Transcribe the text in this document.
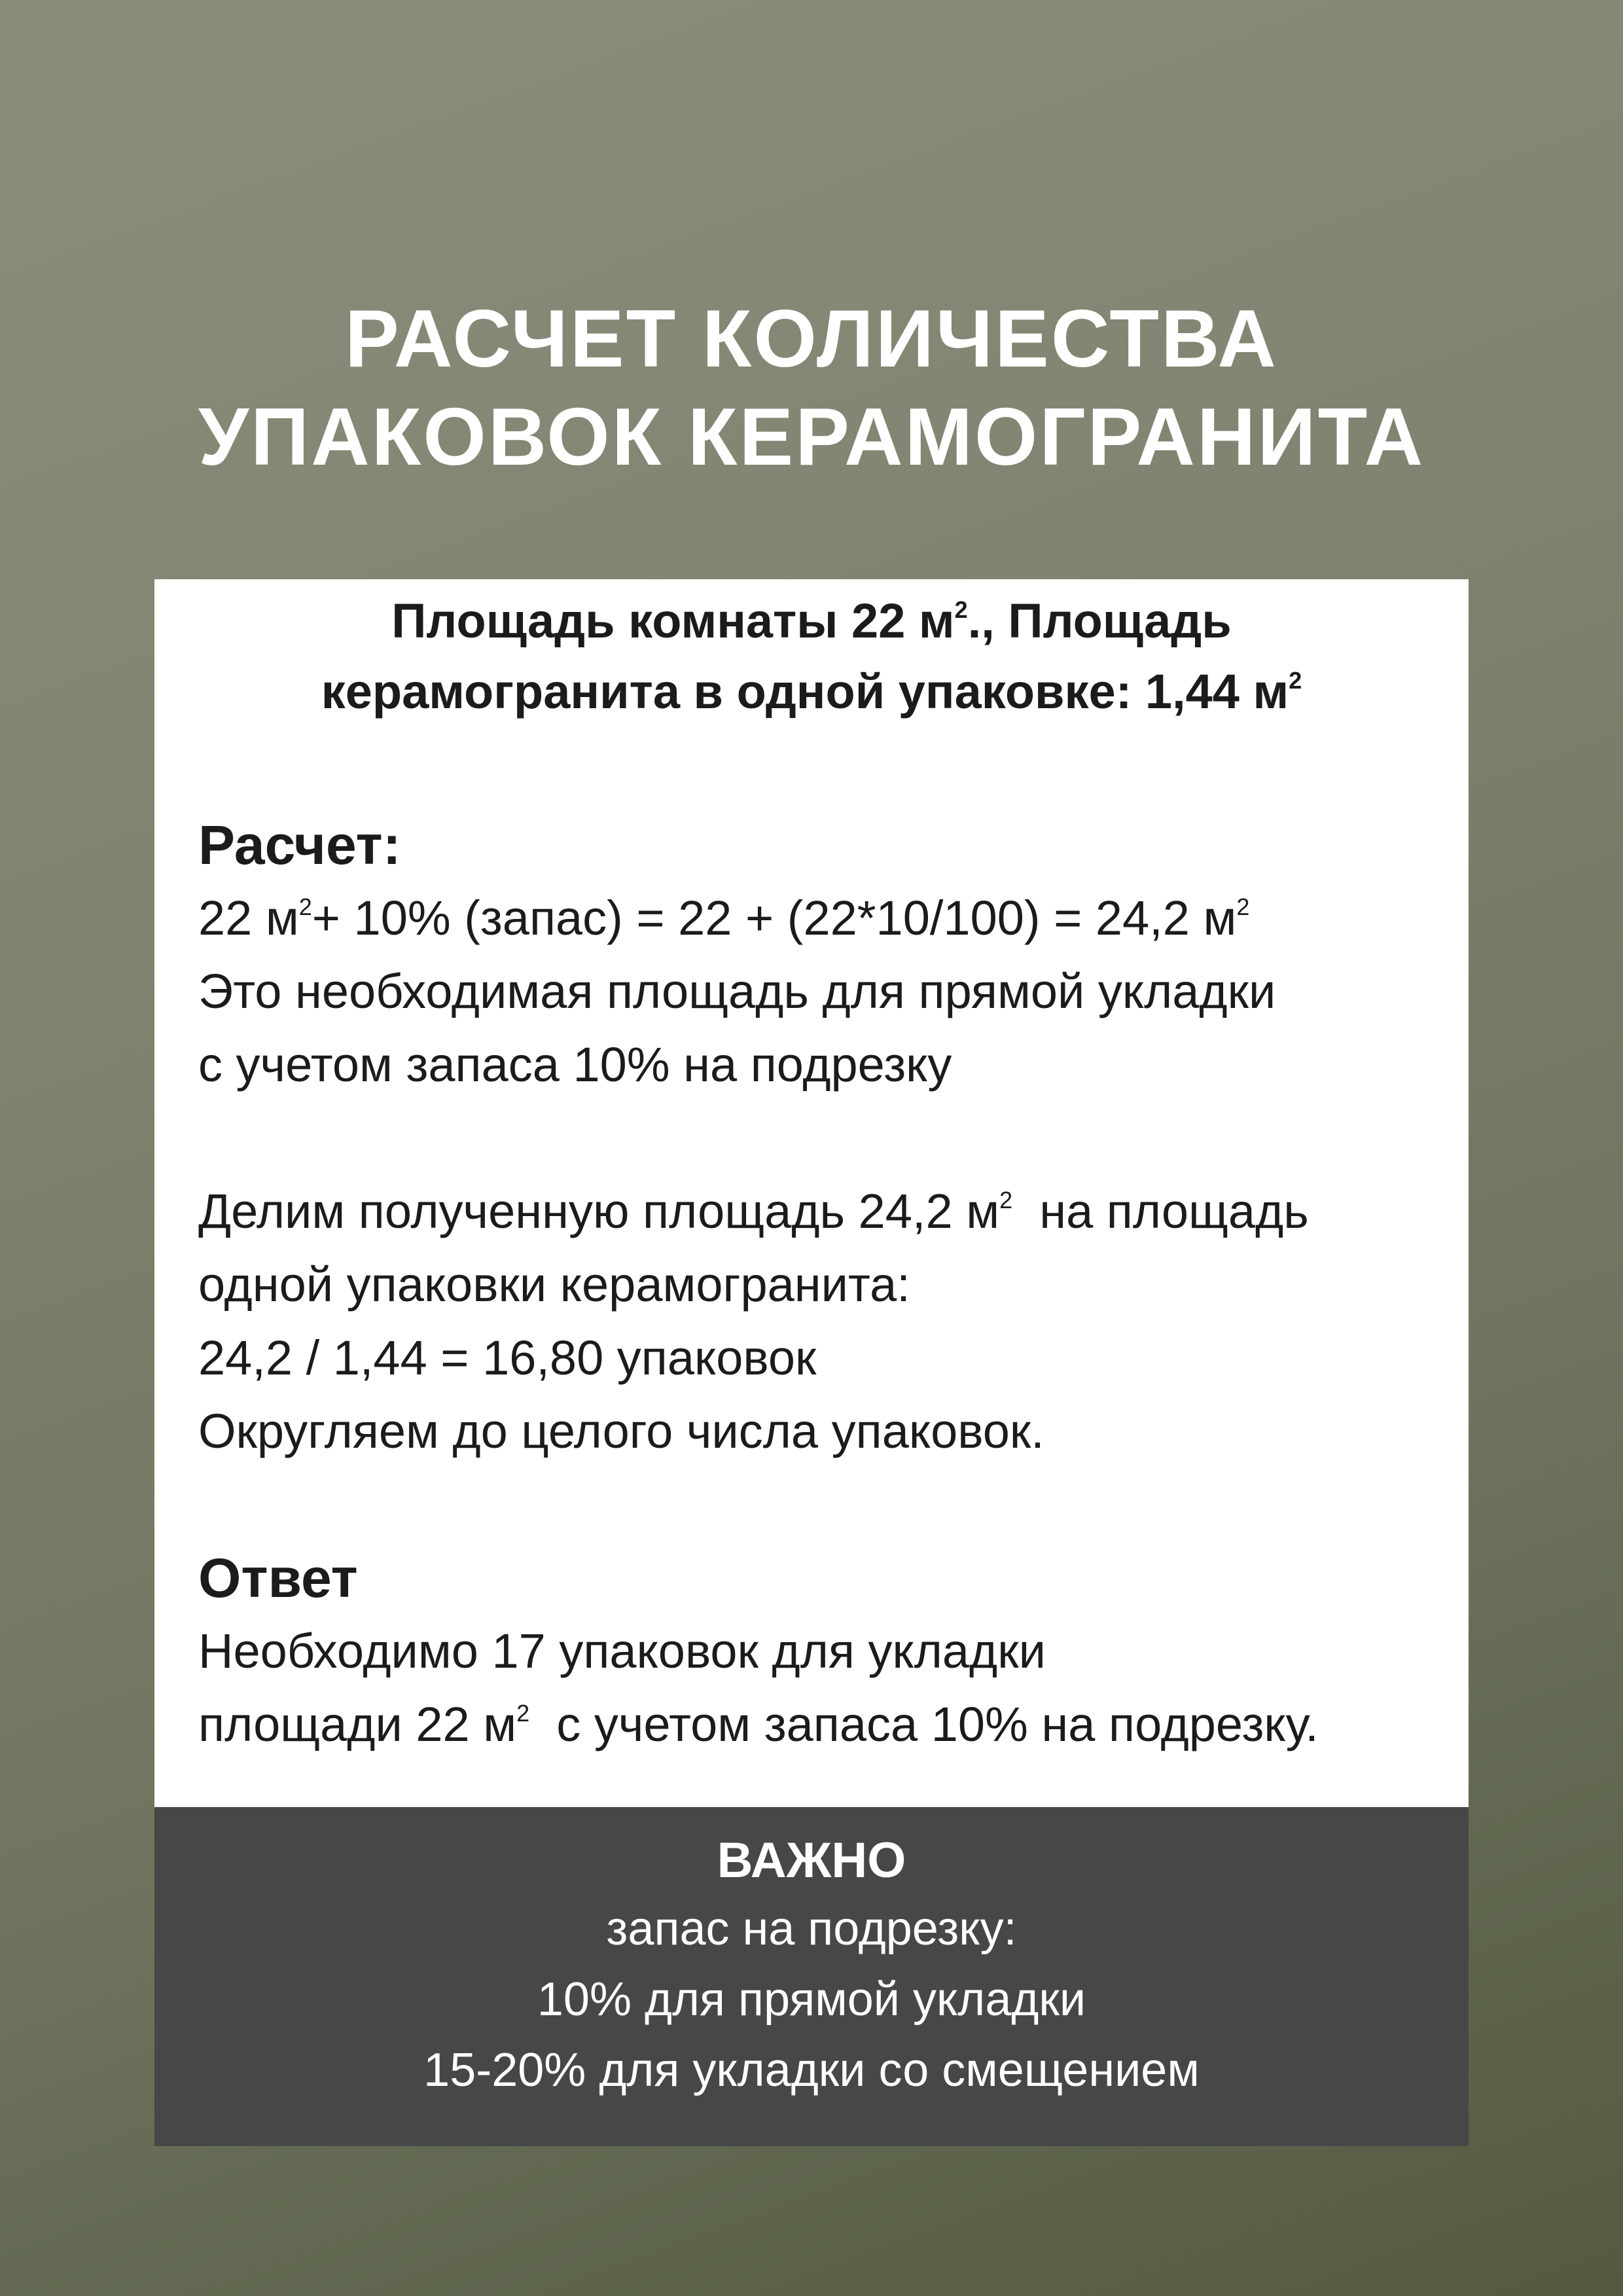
РАСЧЕТ КОЛИЧЕСТВА
УПАКОВОК КЕРАМОГРАНИТА
Площадь комнаты 22 $м^2$., Площадь
керамогранита в одной упаковке: 1,44 $м^2$
Расчет:
22 $м^2+ 10\%$ (запас) = 22 + (22*10/100) = 24,2 $м^2$
Это необходимая площадь для прямой укладки
с учетом запаса 10% на подрезку
Делим полученную площадь 24,2 $м^2$  на площадь
одной упаковки керамогранита:
24,2 / 1,44 = 16,80 упаковок
Округляем до целого числа упаковок.
Ответ
Необходимо 17 упаковок для укладки
площади 22 $м^2$  с учетом запаса 10% на подрезку.
ВАЖНО
запас на подрезку:
10% для прямой укладки
15-20% для укладки со смещением
